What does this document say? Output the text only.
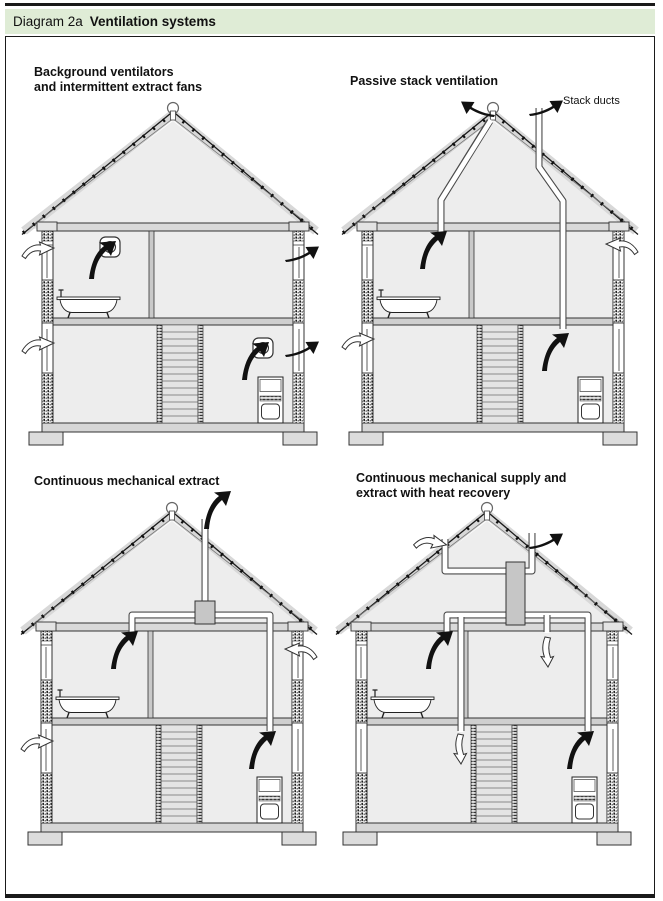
Diagram 2a Ventilation systems
Background ventilators
and intermittent extract fans	Passive stack ventilation
Stack ducts
Continuous mechanical extract	Continuous mechanical supply and
extract with heat recovery
